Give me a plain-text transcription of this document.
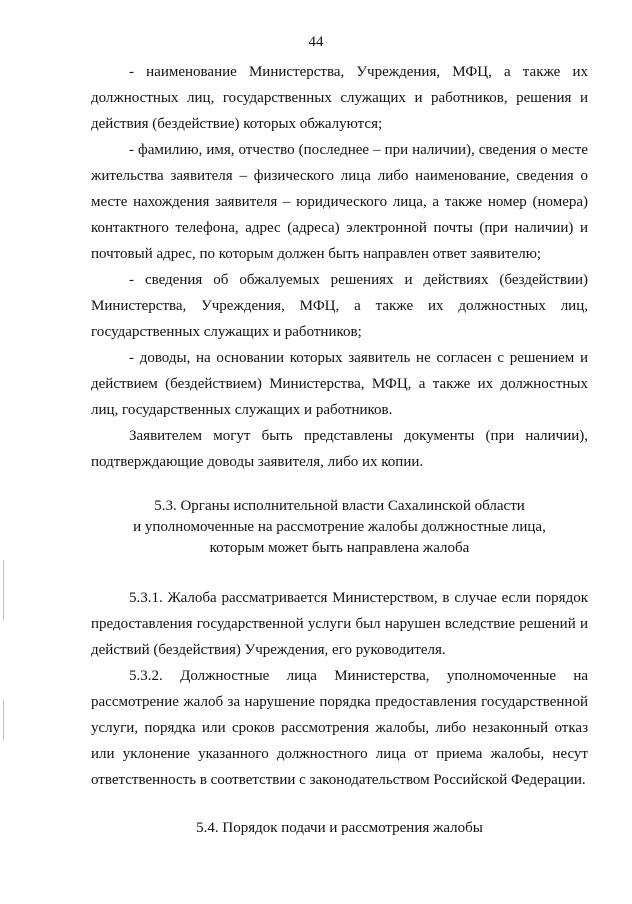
44

- наименование Министерства, Учреждения, МФЦ, а также их должностных лиц, государственных служащих и работников, решения и действия (бездействие) которых обжалуются;

- фамилию, имя, отчество (последнее – при наличии), сведения о месте жительства заявителя – физического лица либо наименование, сведения о месте нахождения заявителя – юридического лица, а также номер (номера) контактного телефона, адрес (адреса) электронной почты (при наличии) и почтовый адрес, по которым должен быть направлен ответ заявителю;

- сведения об обжалуемых решениях и действиях (бездействии) Министерства, Учреждения, МФЦ, а также их должностных лиц, государственных служащих и работников;

- доводы, на основании которых заявитель не согласен с решением и действием (бездействием) Министерства, МФЦ, а также их должностных лиц, государственных служащих и работников.

Заявителем могут быть представлены документы (при наличии), подтверждающие доводы заявителя, либо их копии.

5.3. Органы исполнительной власти Сахалинской области
и уполномоченные на рассмотрение жалобы должностные лица,
которым может быть направлена жалоба

5.3.1. Жалоба рассматривается Министерством, в случае если порядок предоставления государственной услуги был нарушен вследствие решений и действий (бездействия) Учреждения, его руководителя.

5.3.2. Должностные лица Министерства, уполномоченные на рассмотрение жалоб за нарушение порядка предоставления государственной услуги, порядка или сроков рассмотрения жалобы, либо незаконный отказ или уклонение указанного должностного лица от приема жалобы, несут ответственность в соответствии с законодательством Российской Федерации.

5.4. Порядок подачи и рассмотрения жалобы
